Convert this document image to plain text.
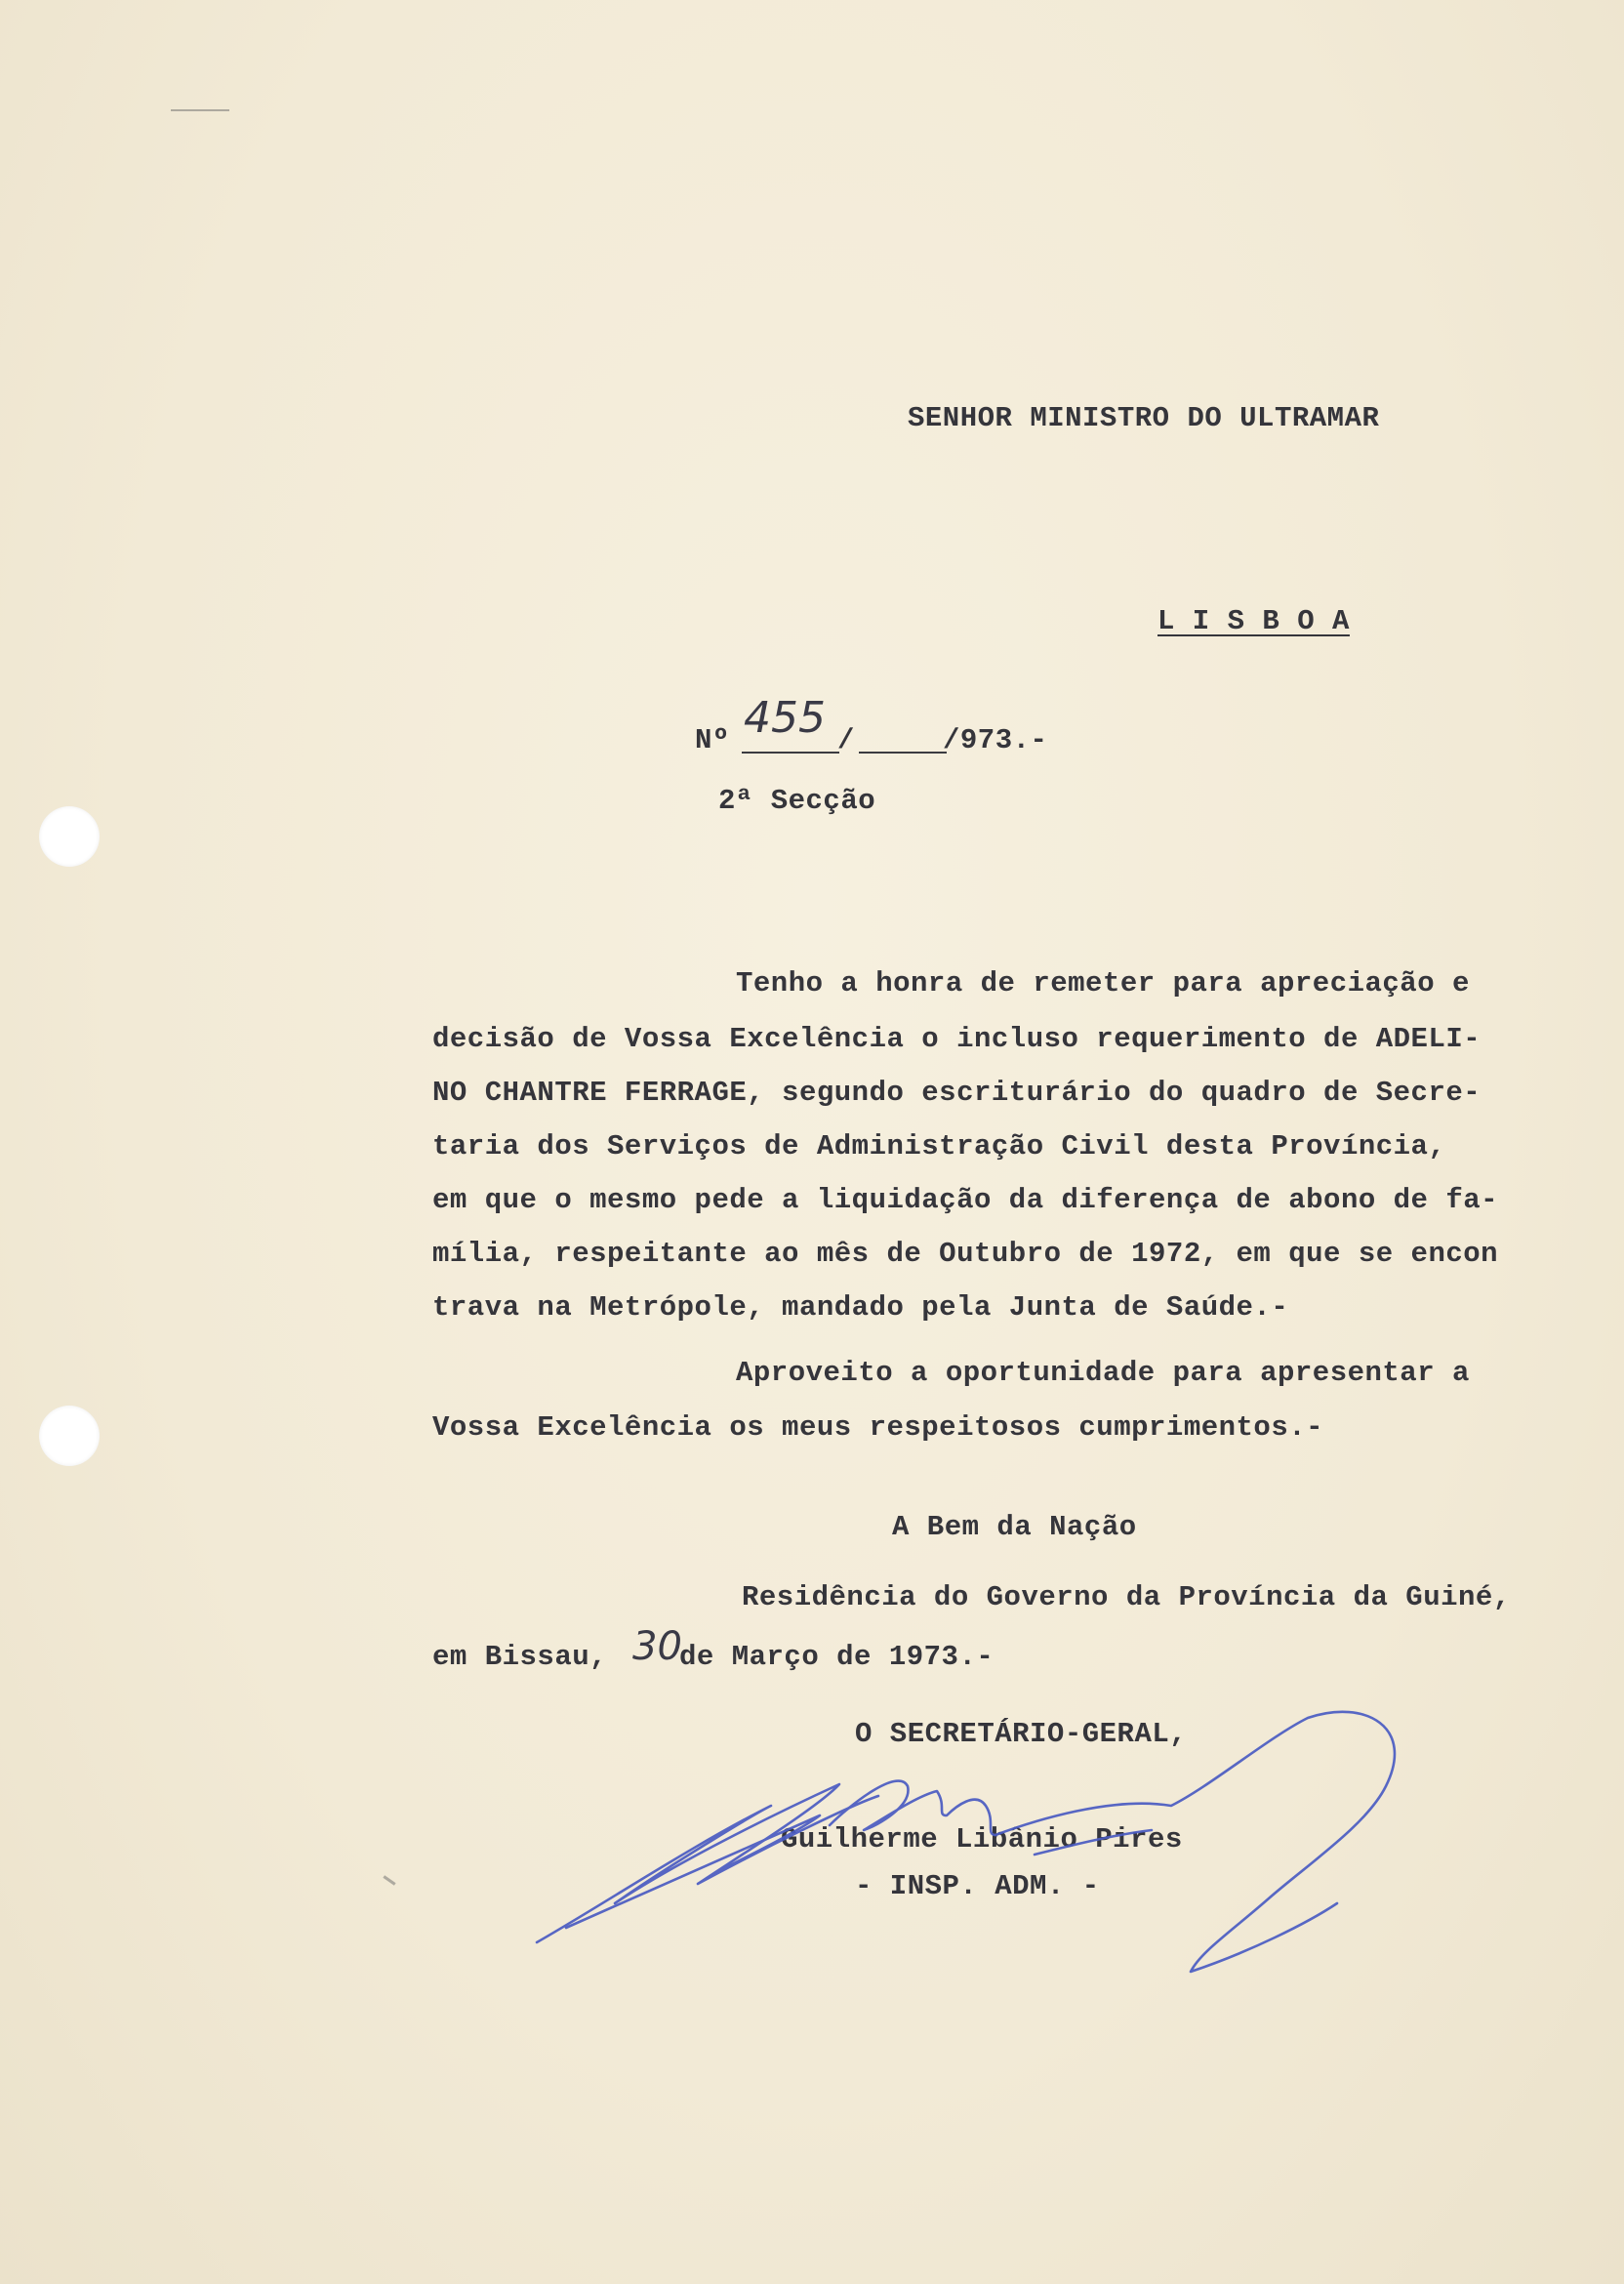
SENHOR MINISTRO DO ULTRAMAR
L I S B O A
Nº 455 /	/973.-
2ª Secção
Tenho a honra de remeter para apreciação e
decisão de Vossa Excelência o incluso requerimento de ADELI-
NO CHANTRE FERRAGE, segundo escriturário do quadro de Secre-
taria dos Serviços de Administração Civil desta Província,
em que o mesmo pede a liquidação da diferença de abono de fa-
mília, respeitante ao mês de Outubro de 1972, em que se encon
trava na Metrópole, mandado pela Junta de Saúde.-
Aproveito a oportunidade para apresentar a
Vossa Excelência os meus respeitosos cumprimentos.-
A Bem da Nação
Residência do Governo da Província da Guiné,
em Bissau, 30
de Março de 1973.-
O SECRETÁRIO-GERAL,
Guilherme Libânio Pires
- INSP. ADM. -
